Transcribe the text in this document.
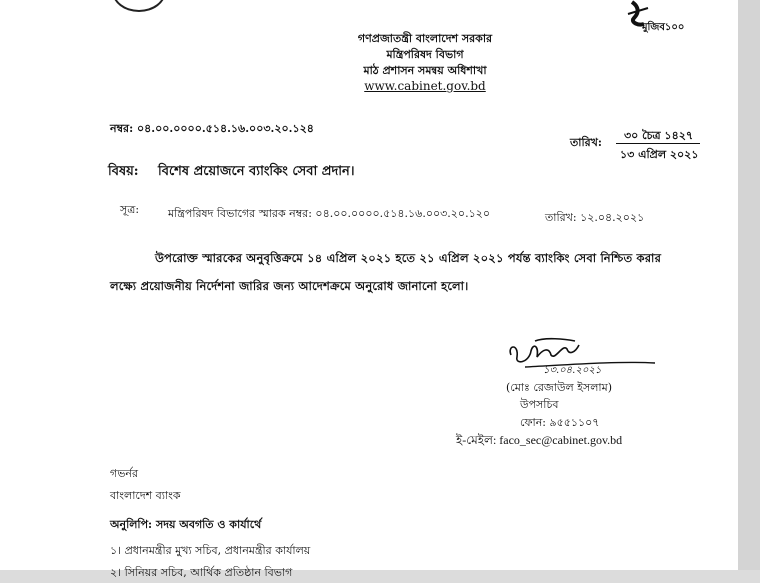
মুজিব১০০
গণপ্রজাতন্ত্রী বাংলাদেশ সরকার
মন্ত্রিপরিষদ বিভাগ
মাঠ প্রশাসন সমন্বয় অধিশাখা
www.cabinet.gov.bd
নম্বর: ০৪.০০.০০০০.৫১৪.১৬.০০৩.২০.১২৪
তারিখ:
৩০ চৈত্র ১৪২৭
১৩ এপ্রিল ২০২১
বিষয়: বিশেষ প্রয়োজনে ব্যাংকিং সেবা প্রদান।
সূত্র:	মন্ত্রিপরিষদ বিভাগের স্মারক নম্বর: ০৪.০০.০০০০.৫১৪.১৬.০০৩.২০.১২০	তারিখ: ১২.০৪.২০২১
উপরোক্ত স্মারকের অনুবৃত্তিক্রমে ১৪ এপ্রিল ২০২১ হতে ২১ এপ্রিল ২০২১ পর্যন্ত ব্যাংকিং সেবা নিশ্চিত করার
লক্ষ্যে প্রয়োজনীয় নির্দেশনা জারির জন্য আদেশক্রমে অনুরোধ জানানো হলো।
১৩.০৪.২০২১
(মোঃ রেজাউল ইসলাম)
উপসচিব
ফোন: ৯৫৫১১০৭
ই-মেইল: faco_sec@cabinet.gov.bd
গভর্নর
বাংলাদেশ ব্যাংক
অনুলিপি: সদয় অবগতি ও কার্যার্থে
১। প্রধানমন্ত্রীর মুখ্য সচিব, প্রধানমন্ত্রীর কার্যালয়
২। সিনিয়র সচিব, আর্থিক প্রতিষ্ঠান বিভাগ
